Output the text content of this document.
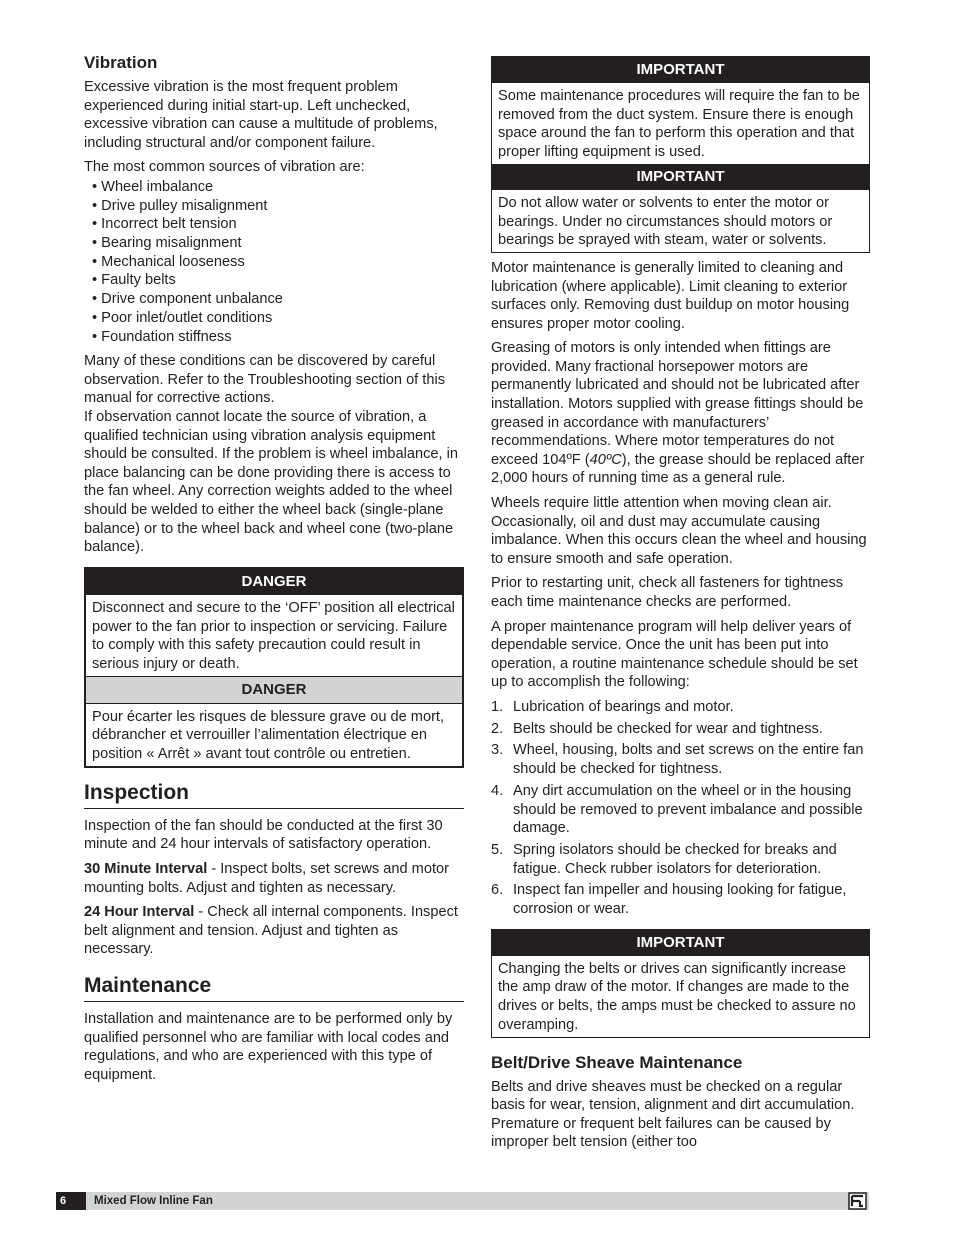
Vibration

Excessive vibration is the most frequent problem experienced during initial start-up. Left unchecked, excessive vibration can cause a multitude of problems, including structural and/or component failure.

The most common sources of vibration are:

• Wheel imbalance
• Drive pulley misalignment
• Incorrect belt tension
• Bearing misalignment
• Mechanical looseness
• Faulty belts
• Drive component unbalance
• Poor inlet/outlet conditions
• Foundation stiffness

Many of these conditions can be discovered by careful observation. Refer to the Troubleshooting section of this manual for corrective actions.

If observation cannot locate the source of vibration, a qualified technician using vibration analysis equipment should be consulted. If the problem is wheel imbalance, in place balancing can be done providing there is access to the fan wheel. Any correction weights added to the wheel should be welded to either the wheel back (single-plane balance) or to the wheel back and wheel cone (two-plane balance).

DANGER
Disconnect and secure to the ‘OFF’ position all electrical power to the fan prior to inspection or servicing. Failure to comply with this safety precaution could result in serious injury or death.
DANGER
Pour écarter les risques de blessure grave ou de mort, débrancher et verrouiller l’alimentation électrique en position « Arrêt » avant tout contrôle ou entretien.
Inspection

Inspection of the fan should be conducted at the first 30 minute and 24 hour intervals of satisfactory operation.

30 Minute Interval - Inspect bolts, set screws and motor mounting bolts. Adjust and tighten as necessary.

24 Hour Interval - Check all internal components. Inspect belt alignment and tension. Adjust and tighten as necessary.

Maintenance

Installation and maintenance are to be performed only by qualified personnel who are familiar with local codes and regulations, and who are experienced with this type of equipment.

IMPORTANT
Some maintenance procedures will require the fan to be removed from the duct system. Ensure there is enough space around the fan to perform this operation and that proper lifting equipment is used.
IMPORTANT
Do not allow water or solvents to enter the motor or bearings. Under no circumstances should motors or bearings be sprayed with steam, water or solvents.

Motor maintenance is generally limited to cleaning and lubrication (where applicable). Limit cleaning to exterior surfaces only. Removing dust buildup on motor housing ensures proper motor cooling.

Greasing of motors is only intended when fittings are provided. Many fractional horsepower motors are permanently lubricated and should not be lubricated after installation. Motors supplied with grease fittings should be greased in accordance with manufacturers’ recommendations. Where motor temperatures do not exceed 104ºF (40ºC), the grease should be replaced after 2,000 hours of running time as a general rule.

Wheels require little attention when moving clean air. Occasionally, oil and dust may accumulate causing imbalance. When this occurs clean the wheel and housing to ensure smooth and safe operation.

Prior to restarting unit, check all fasteners for tightness each time maintenance checks are performed.

A proper maintenance program will help deliver years of dependable service. Once the unit has been put into operation, a routine maintenance schedule should be set up to accomplish the following:

1. Lubrication of bearings and motor.
2. Belts should be checked for wear and tightness.
3. Wheel, housing, bolts and set screws on the entire fan should be checked for tightness.
4. Any dirt accumulation on the wheel or in the housing should be removed to prevent imbalance and possible damage.
5. Spring isolators should be checked for breaks and fatigue. Check rubber isolators for deterioration.
6. Inspect fan impeller and housing looking for fatigue, corrosion or wear.
IMPORTANT
Changing the belts or drives can significantly increase the amp draw of the motor. If changes are made to the drives or belts, the amps must be checked to assure no overamping.
Belt/Drive Sheave Maintenance

Belts and drive sheaves must be checked on a regular basis for wear, tension, alignment and dirt accumulation. Premature or frequent belt failures can be caused by improper belt tension (either too

6	Mixed Flow Inline Fan
